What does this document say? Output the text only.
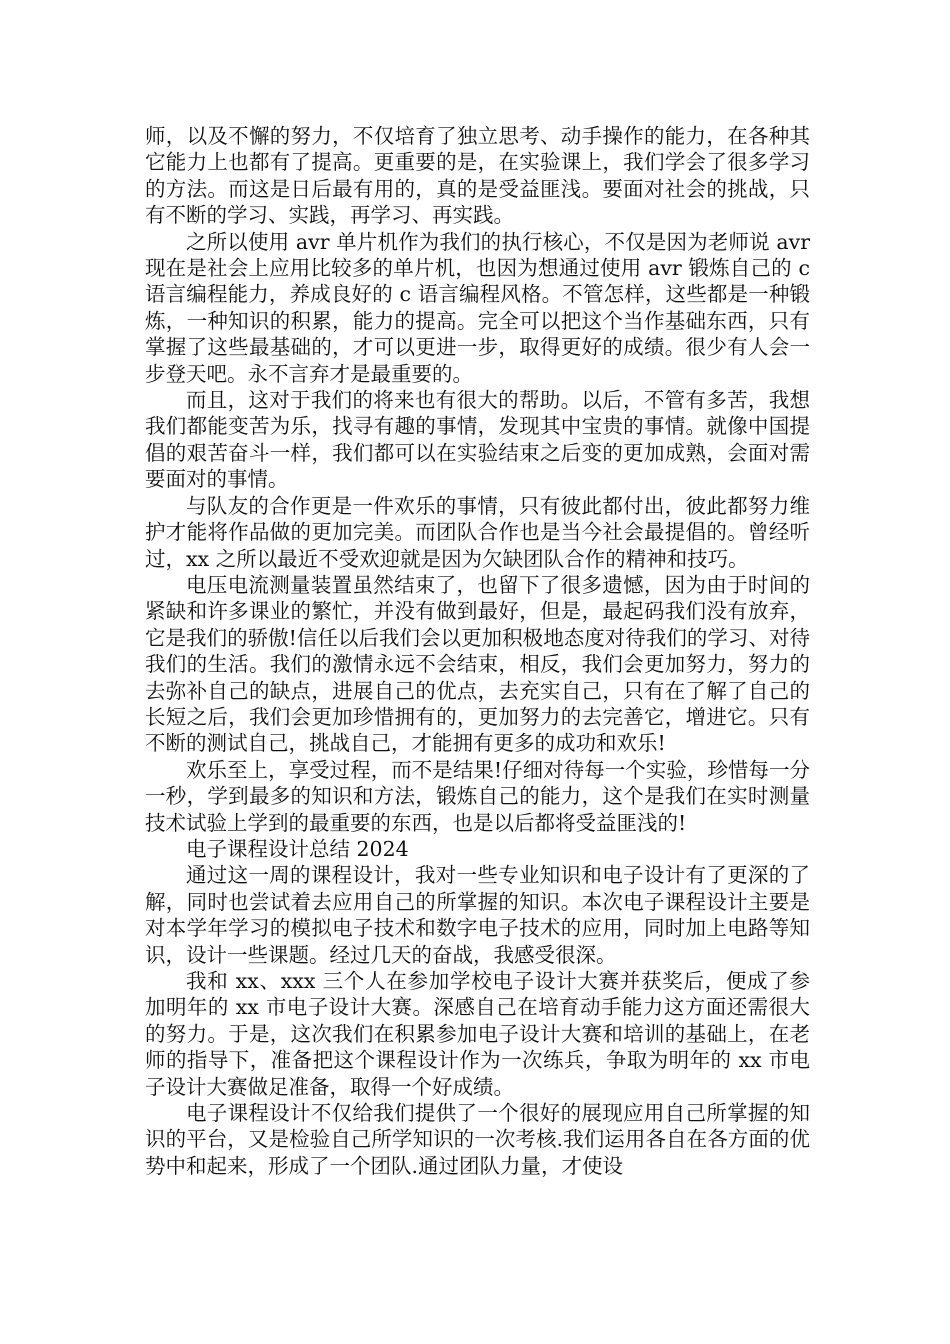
师，以及不懈的努力，不仅培育了独立思考、动手操作的能力，在各种其它能力上也都有了提高。更重要的是，在实验课上，我们学会了很多学习的方法。而这是日后最有用的，真的是受益匪浅。要面对社会的挑战，只有不断的学习、实践，再学习、再实践。

之所以使用 avr 单片机作为我们的执行核心，不仅是因为老师说 avr 现在是社会上应用比较多的单片机，也因为想通过使用 avr 锻炼自己的 c 语言编程能力，养成良好的 c 语言编程风格。不管怎样，这些都是一种锻炼，一种知识的积累，能力的提高。完全可以把这个当作基础东西，只有掌握了这些最基础的，才可以更进一步，取得更好的成绩。很少有人会一步登天吧。永不言弃才是最重要的。

而且，这对于我们的将来也有很大的帮助。以后，不管有多苦，我想我们都能变苦为乐，找寻有趣的事情，发现其中宝贵的事情。就像中国提倡的艰苦奋斗一样，我们都可以在实验结束之后变的更加成熟，会面对需要面对的事情。

与队友的合作更是一件欢乐的事情，只有彼此都付出，彼此都努力维护才能将作品做的更加完美。而团队合作也是当今社会最提倡的。曾经听过，xx 之所以最近不受欢迎就是因为欠缺团队合作的精神和技巧。

电压电流测量装置虽然结束了，也留下了很多遗憾，因为由于时间的紧缺和许多课业的繁忙，并没有做到最好，但是，最起码我们没有放弃，它是我们的骄傲!信任以后我们会以更加积极地态度对待我们的学习、对待我们的生活。我们的激情永远不会结束，相反，我们会更加努力，努力的去弥补自己的缺点，进展自己的优点，去充实自己，只有在了解了自己的长短之后，我们会更加珍惜拥有的，更加努力的去完善它，增进它。只有不断的测试自己，挑战自己，才能拥有更多的成功和欢乐!

欢乐至上，享受过程，而不是结果!仔细对待每一个实验，珍惜每一分一秒，学到最多的知识和方法，锻炼自己的能力，这个是我们在实时测量技术试验上学到的最重要的东西，也是以后都将受益匪浅的!

电子课程设计总结 2024

通过这一周的课程设计，我对一些专业知识和电子设计有了更深的了解，同时也尝试着去应用自己的所掌握的知识。本次电子课程设计主要是对本学年学习的模拟电子技术和数字电子技术的应用，同时加上电路等知识，设计一些课题。经过几天的奋战，我感受很深。

我和 xx、xxx 三个人在参加学校电子设计大赛并获奖后，便成了参加明年的 xx 市电子设计大赛。深感自己在培育动手能力这方面还需很大的努力。于是，这次我们在积累参加电子设计大赛和培训的基础上，在老师的指导下，准备把这个课程设计作为一次练兵，争取为明年的 xx 市电子设计大赛做足准备，取得一个好成绩。

电子课程设计不仅给我们提供了一个很好的展现应用自己所掌握的知识的平台，又是检验自己所学知识的一次考核.我们运用各自在各方面的优势中和起来，形成了一个团队.通过团队力量，才使设
